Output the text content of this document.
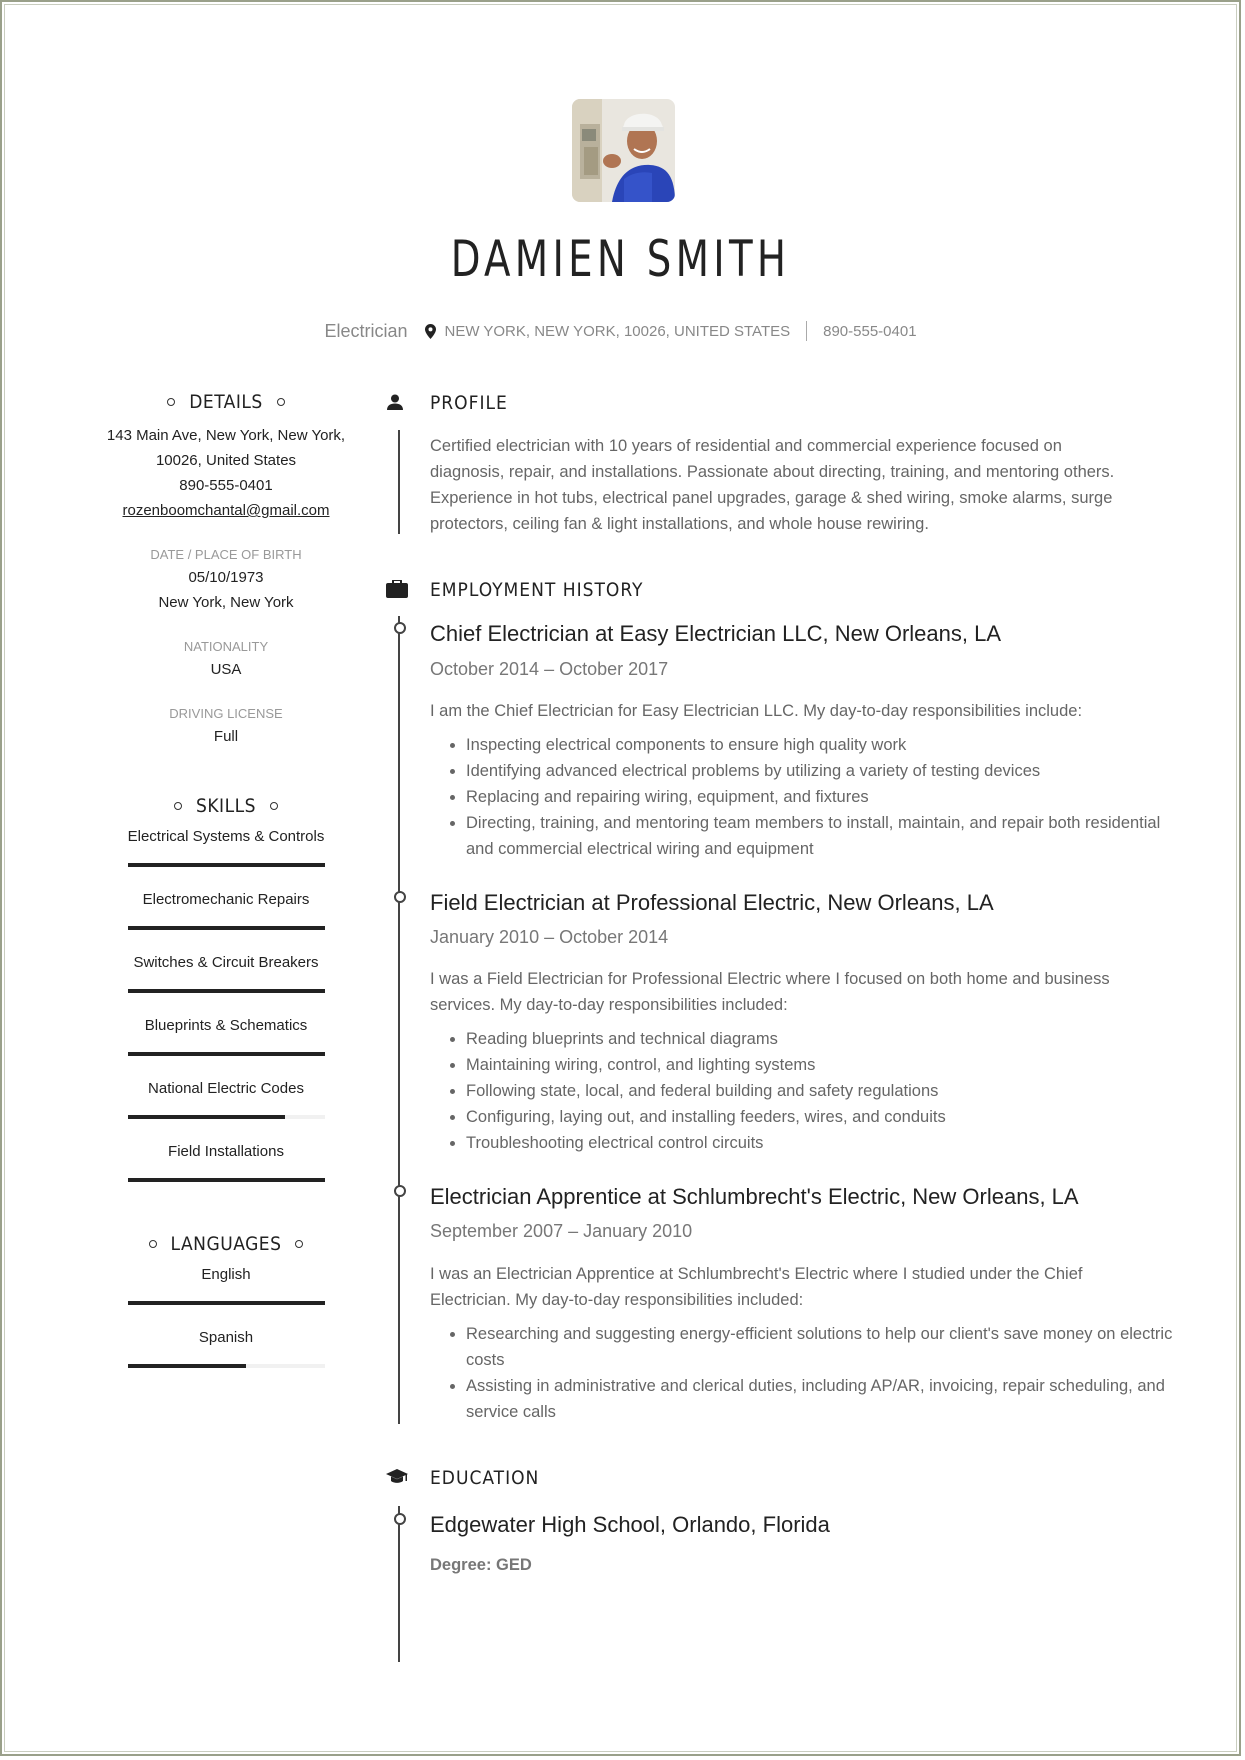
DAMIEN SMITH
Electrician NEW YORK, NEW YORK, 10026, UNITED STATES 890-555-0401
DETAILS
143 Main Ave, New York, New York,
10026, United States
890-555-0401
rozenboomchantal@gmail.com
DATE / PLACE OF BIRTH
05/10/1973
New York, New York
NATIONALITY
USA
DRIVING LICENSE
Full
SKILLS
Electrical Systems & Controls
Electromechanic Repairs
Switches & Circuit Breakers
Blueprints & Schematics
National Electric Codes
Field Installations
LANGUAGES
English
Spanish
PROFILE
Certified electrician with 10 years of residential and commercial experience focused on
diagnosis, repair, and installations. Passionate about directing, training, and mentoring others.
Experience in hot tubs, electrical panel upgrades, garage & shed wiring, smoke alarms, surge
protectors, ceiling fan & light installations, and whole house rewiring.
EMPLOYMENT HISTORY
Chief Electrician at Easy Electrician LLC, New Orleans, LA
October 2014 – October 2017
I am the Chief Electrician for Easy Electrician LLC. My day-to-day responsibilities include:
• Inspecting electrical components to ensure high quality work
• Identifying advanced electrical problems by utilizing a variety of testing devices
• Replacing and repairing wiring, equipment, and fixtures
• Directing, training, and mentoring team members to install, maintain, and repair both residential and commercial electrical wiring and equipment
Field Electrician at Professional Electric, New Orleans, LA
January 2010 – October 2014
I was a Field Electrician for Professional Electric where I focused on both home and business
services. My day-to-day responsibilities included:
• Reading blueprints and technical diagrams
• Maintaining wiring, control, and lighting systems
• Following state, local, and federal building and safety regulations
• Configuring, laying out, and installing feeders, wires, and conduits
• Troubleshooting electrical control circuits
Electrician Apprentice at Schlumbrecht's Electric, New Orleans, LA
September 2007 – January 2010
I was an Electrician Apprentice at Schlumbrecht's Electric where I studied under the Chief
Electrician. My day-to-day responsibilities included:
• Researching and suggesting energy-efficient solutions to help our client's save money on electric costs
• Assisting in administrative and clerical duties, including AP/AR, invoicing, repair scheduling, and service calls
EDUCATION
Edgewater High School, Orlando, Florida
Degree: GED
